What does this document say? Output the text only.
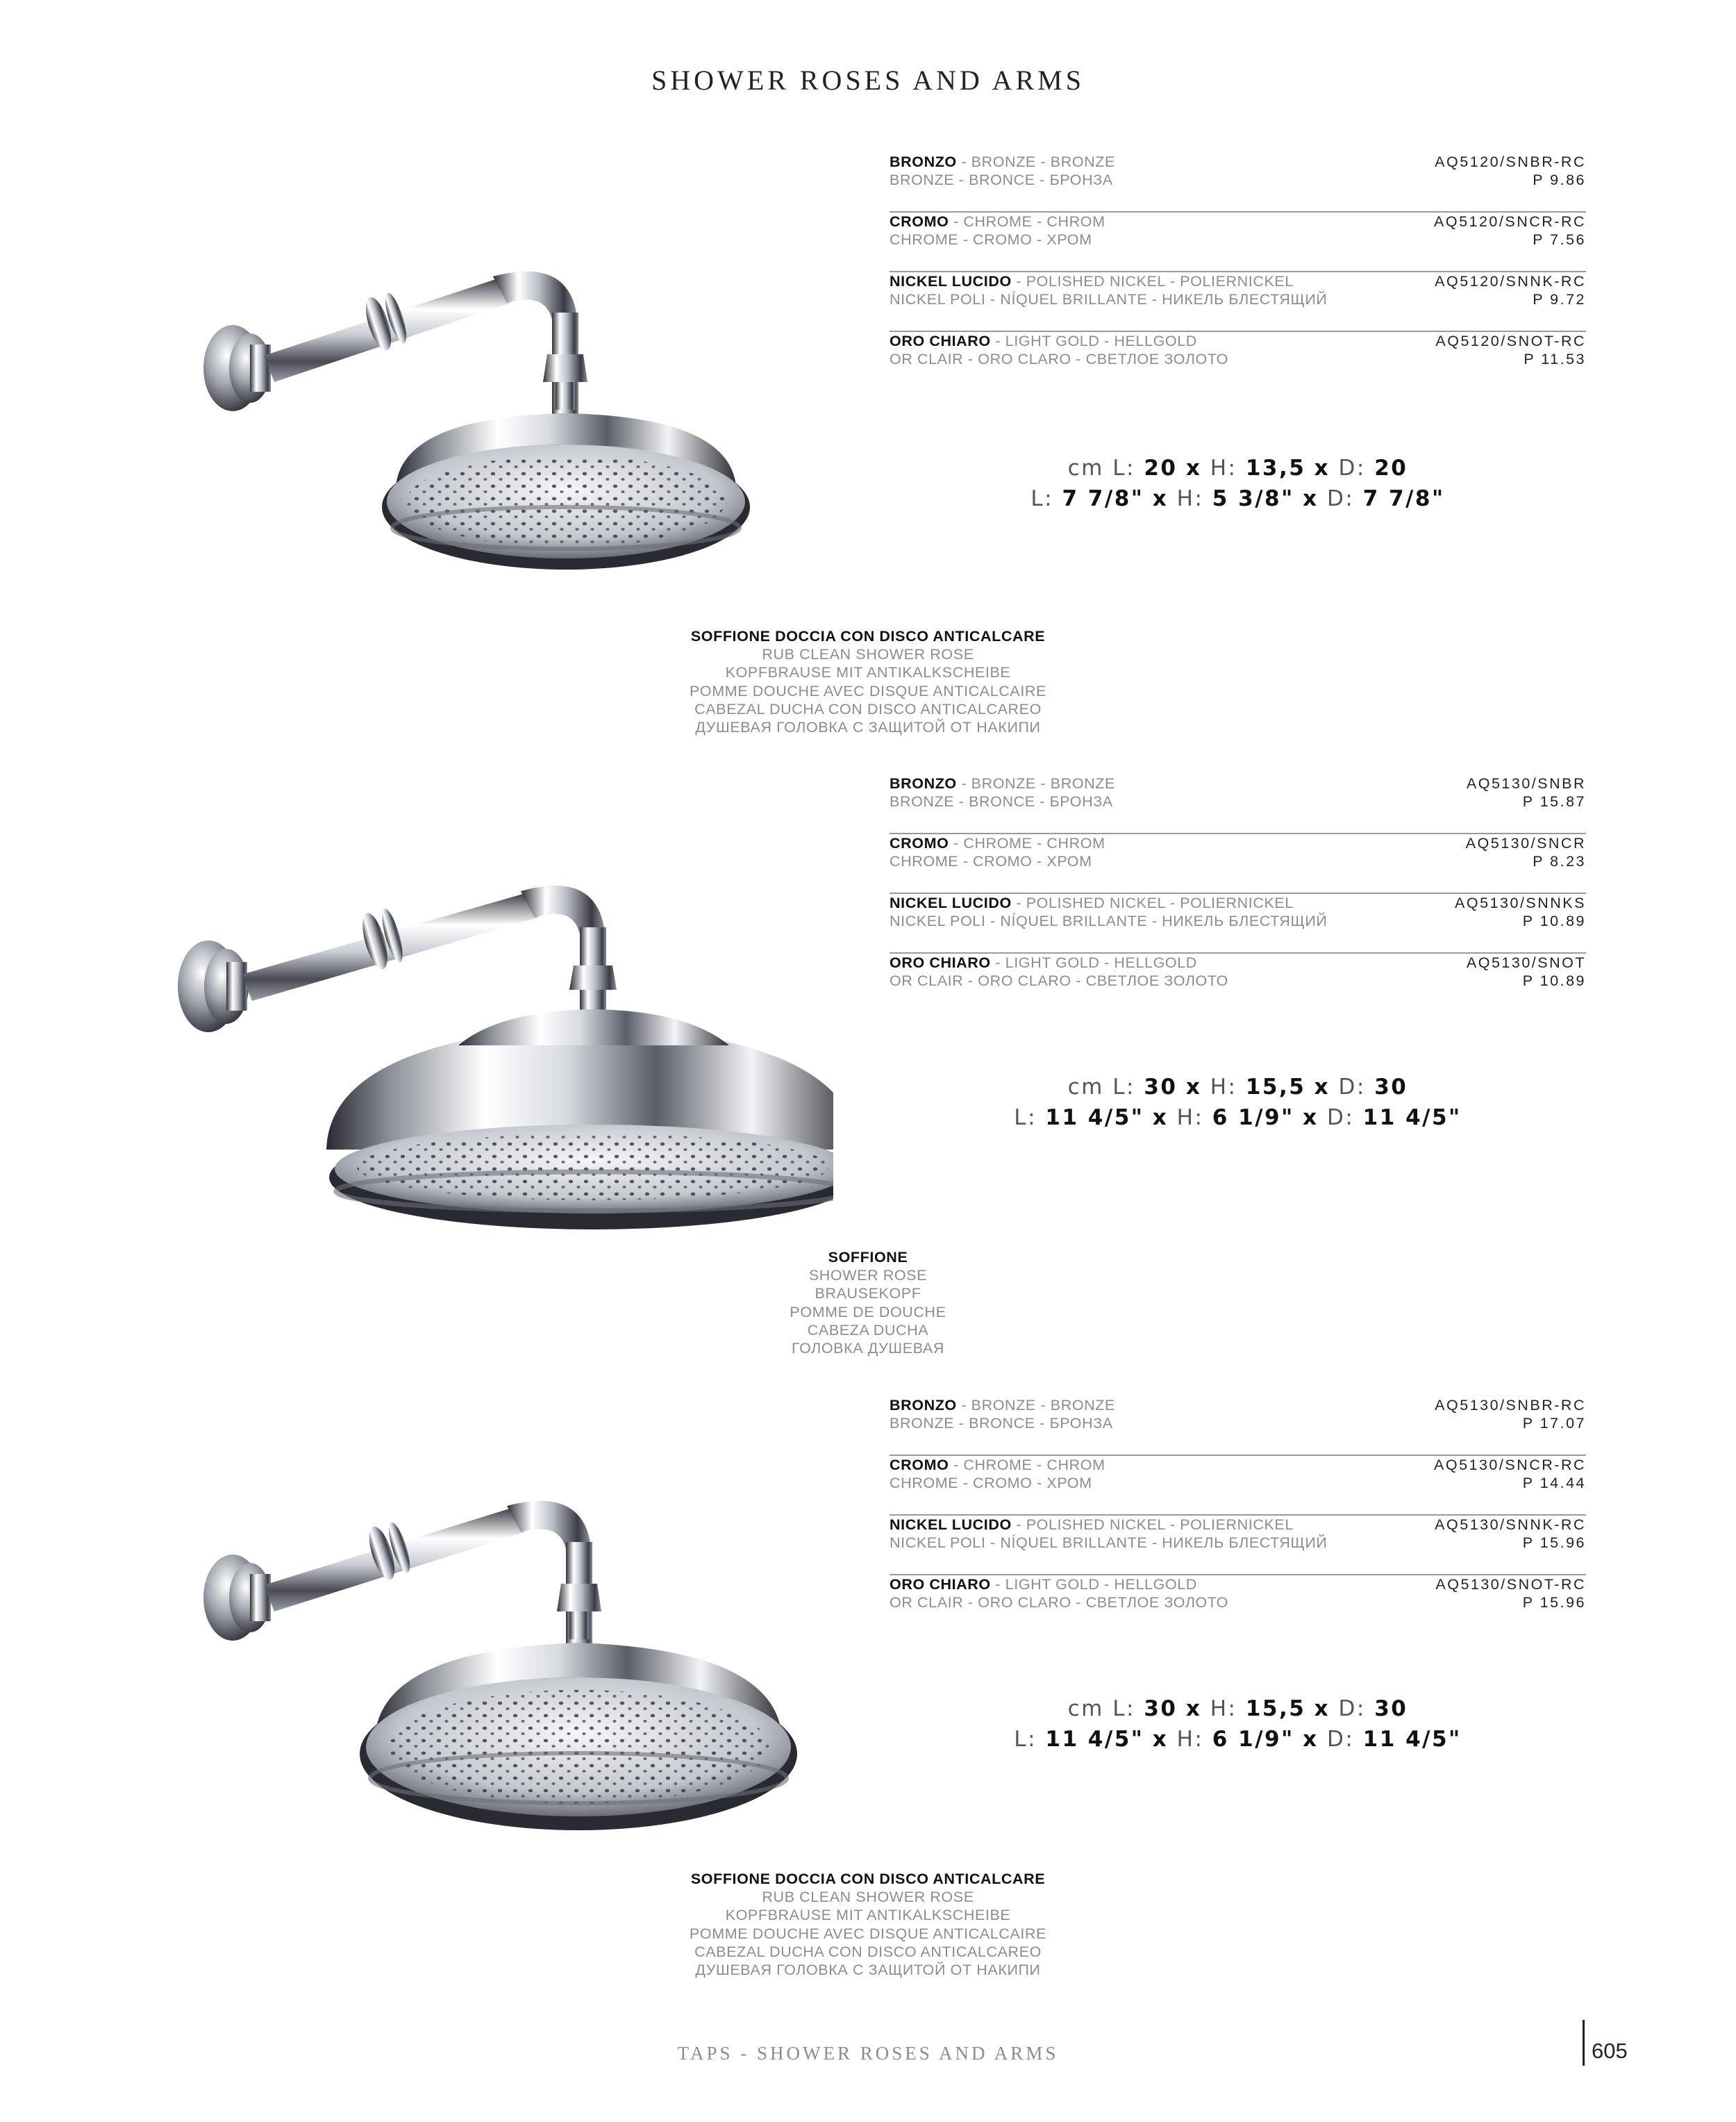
SHOWER ROSES AND ARMS
BRONZO - BRONZE - BRONZE
BRONZE - BRONCE - БРОНЗА
AQ5120/SNBR-RC
P 9.86
CROMO - CHROME - CHROM
CHROME - CROMO - ХРОМ
AQ5120/SNCR-RC
P 7.56
NICKEL LUCIDO - POLISHED NICKEL - POLIERNICKEL
NICKEL POLI - NÍQUEL BRILLANTE - НИКЕЛЬ БЛЕСТЯЩИЙ
AQ5120/SNNK-RC
P 9.72
ORO CHIARO - LIGHT GOLD - HELLGOLD
OR CLAIR - ORO CLARO - СВЕТЛОЕ ЗОЛОТО
AQ5120/SNOT-RC
P 11.53
cm L: 20 x H: 13,5 x D: 20
L: 7 7/8" x H: 5 3/8" x D: 7 7/8"
SOFFIONE DOCCIA CON DISCO ANTICALCARE
RUB CLEAN SHOWER ROSE
KOPFBRAUSE MIT ANTIKALKSCHEIBE
POMME DOUCHE AVEC DISQUE ANTICALCAIRE
CABEZAL DUCHA CON DISCO ANTICALCAREO
ДУШЕВАЯ ГОЛОВКА С ЗАЩИТОЙ ОТ НАКИПИ
BRONZO - BRONZE - BRONZE
BRONZE - BRONCE - БРОНЗА
AQ5130/SNBR
P 15.87
CROMO - CHROME - CHROM
CHROME - CROMO - ХРОМ
AQ5130/SNCR
P 8.23
NICKEL LUCIDO - POLISHED NICKEL - POLIERNICKEL
NICKEL POLI - NÍQUEL BRILLANTE - НИКЕЛЬ БЛЕСТЯЩИЙ
AQ5130/SNNKS
P 10.89
ORO CHIARO - LIGHT GOLD - HELLGOLD
OR CLAIR - ORO CLARO - СВЕТЛОЕ ЗОЛОТО
AQ5130/SNOT
P 10.89
cm L: 30 x H: 15,5 x D: 30
L: 11 4/5" x H: 6 1/9" x D: 11 4/5"
SOFFIONE
SHOWER ROSE
BRAUSEKOPF
POMME DE DOUCHE
CABEZA DUCHA
ГОЛОВКА ДУШЕВАЯ
BRONZO - BRONZE - BRONZE
BRONZE - BRONCE - БРОНЗА
AQ5130/SNBR-RC
P 17.07
CROMO - CHROME - CHROM
CHROME - CROMO - ХРОМ
AQ5130/SNCR-RC
P 14.44
NICKEL LUCIDO - POLISHED NICKEL - POLIERNICKEL
NICKEL POLI - NÍQUEL BRILLANTE - НИКЕЛЬ БЛЕСТЯЩИЙ
AQ5130/SNNK-RC
P 15.96
ORO CHIARO - LIGHT GOLD - HELLGOLD
OR CLAIR - ORO CLARO - СВЕТЛОЕ ЗОЛОТО
AQ5130/SNOT-RC
P 15.96
cm L: 30 x H: 15,5 x D: 30
L: 11 4/5" x H: 6 1/9" x D: 11 4/5"
SOFFIONE DOCCIA CON DISCO ANTICALCARE
RUB CLEAN SHOWER ROSE
KOPFBRAUSE MIT ANTIKALKSCHEIBE
POMME DOUCHE AVEC DISQUE ANTICALCAIRE
CABEZAL DUCHA CON DISCO ANTICALCAREO
ДУШЕВАЯ ГОЛОВКА С ЗАЩИТОЙ ОТ НАКИПИ
TAPS - SHOWER ROSES AND ARMS	605
